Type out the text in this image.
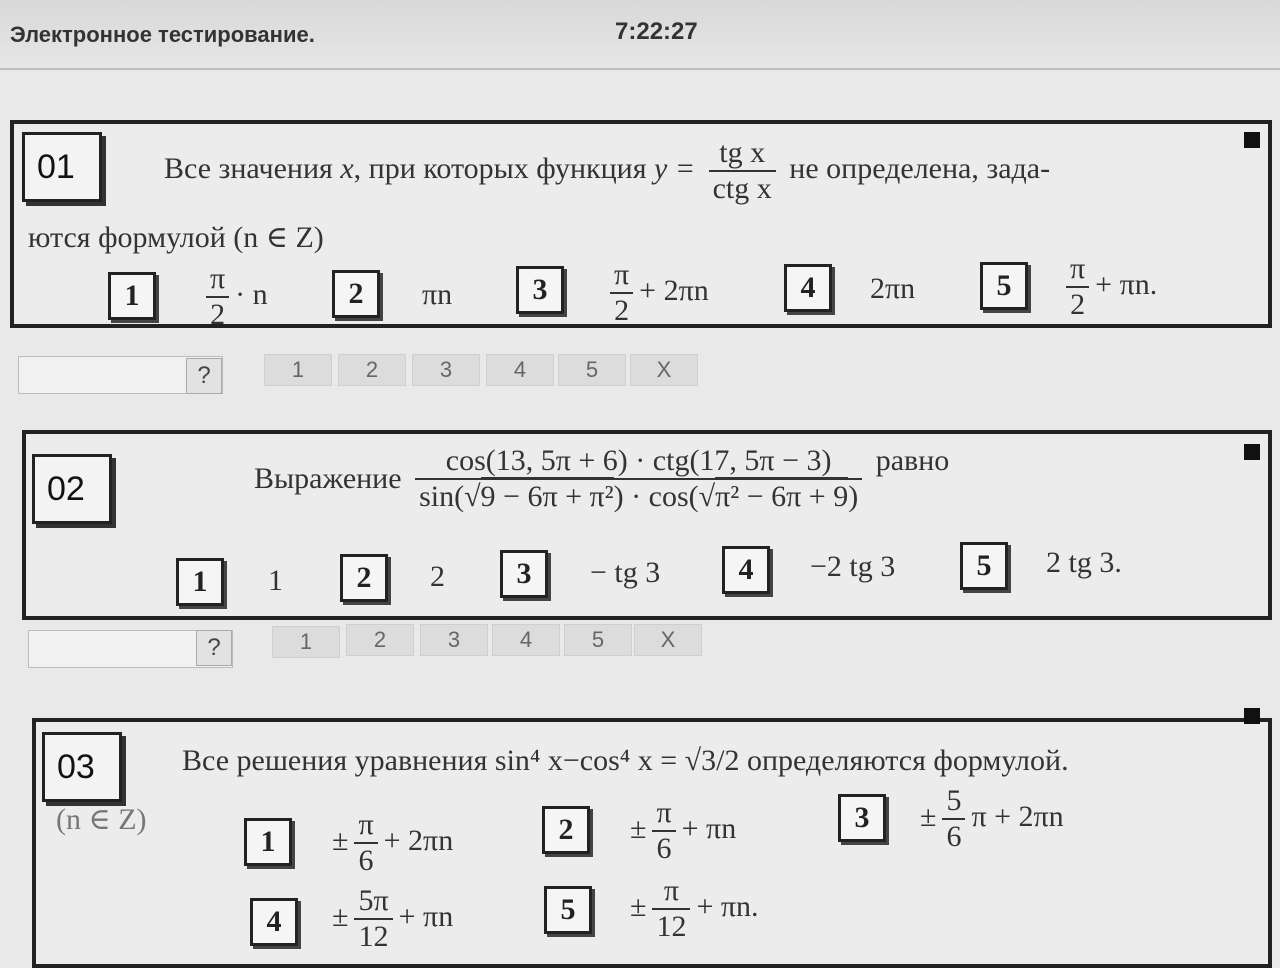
Электронное тестирование.	7:22:27
01	Все значения x, при которых функция $y = \frac{\text{tg x}}{\text{ctg x}}$ не определена, зада-
ются формулой (n ∈ Z)
1	$\frac{\pi}{2} \cdot n$	2	πn	3	$\frac{\pi}{2} + 2\pi n$	4	2πn	5	$\frac{\pi}{2} + \pi n$.
?	1	2	3	4	5	X
02	Выражение $\frac{\text{cos(13, 5π + 6) · ctg(17, 5π − 3)}}{\text{sin(√9 − 6π + π²) · cos(√π² − 6π + 9)}}$ равно
1	1	2	2	3	− tg 3	4	−2 tg 3	5	2 tg 3.
?	1	2	3	4	5	X
03	Все решения уравнения sin⁴ x−cos⁴ x = √3/2 определяются формулой.
(n ∈ Z)
1	± $\frac{\pi}{6} + 2\pi n$	2	± $\frac{\pi}{6} + \pi n$	3	± $\frac{5}{6}$ π + 2πn
4	± $\frac{5\pi}{12} + \pi n$	5	± $\frac{\pi}{12} + \pi n$.
